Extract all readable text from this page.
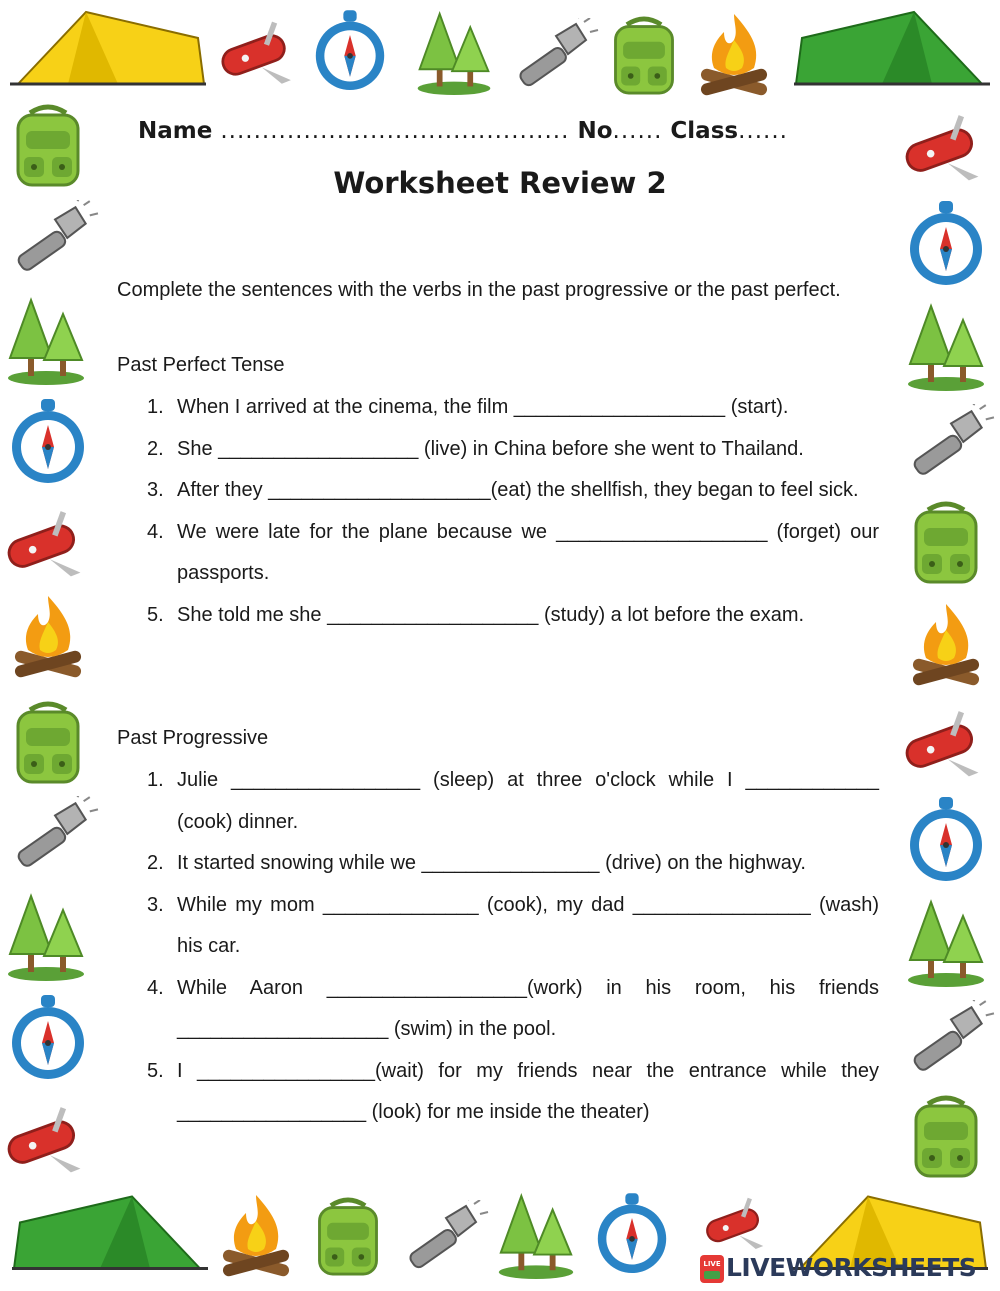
Name .......................................... No...... Class......
Worksheet Review 2
Complete the sentences with the verbs in the past progressive or the past perfect.
Past Perfect Tense
1. When I arrived at the cinema, the film ___________________ (start).
2. She __________________ (live) in China before she went to Thailand.
3. After they ____________________(eat) the shellfish, they began to feel sick.
4. We were late for the plane because we ___________________ (forget) our passports.
5. She told me she ___________________ (study) a lot before the exam.
Past Progressive
1. Julie _________________ (sleep) at three o'clock while I ____________ (cook) dinner.
2. It started snowing while we ________________ (drive) on the highway.
3. While my mom ______________ (cook), my dad ________________ (wash) his car.
4. While Aaron __________________(work) in his room, his friends ___________________ (swim) in the pool.
5. I ________________(wait) for my friends near the entrance while they _________________ (look) for me inside the theater)
LIVE LIVEWORKSHEETS
